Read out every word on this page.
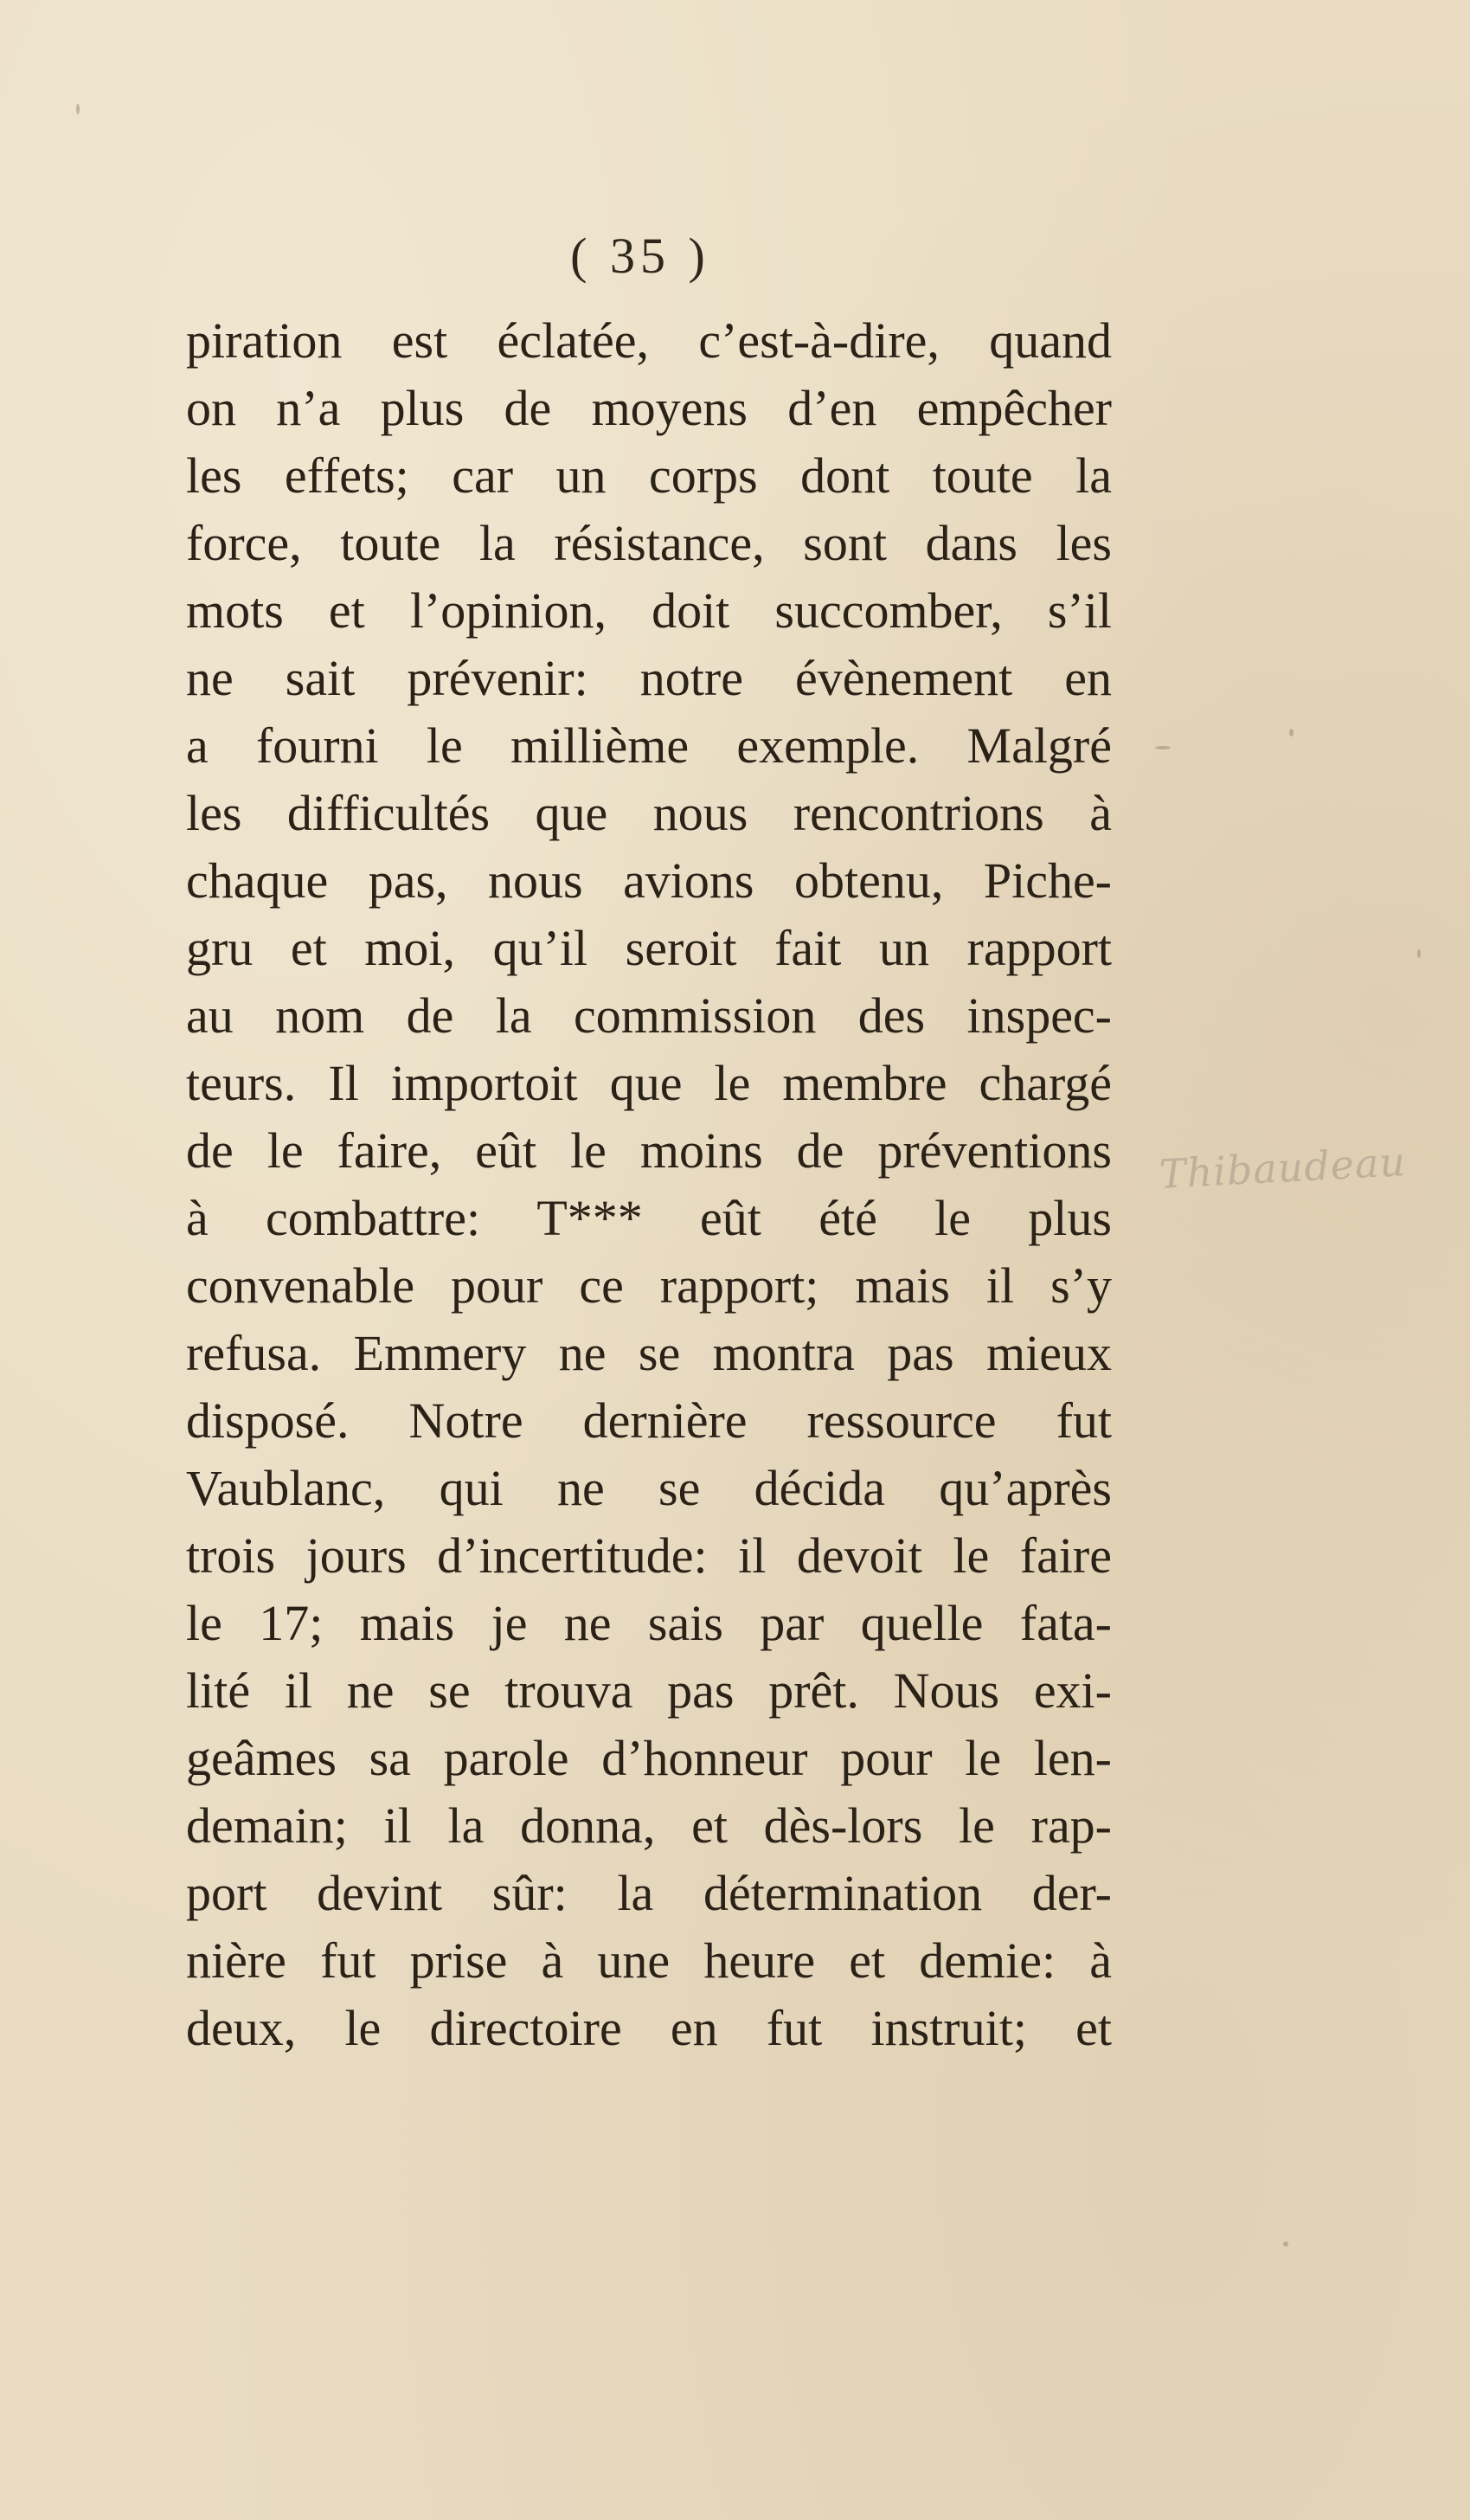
( 35 )
piration est éclatée, c’est-à-dire, quand
on n’a plus de moyens d’en empêcher
les effets; car un corps dont toute la
force, toute la résistance, sont dans les
mots et l’opinion, doit succomber, s’il
ne sait prévenir: notre évènement en
a fourni le millième exemple. Malgré
les difficultés que nous rencontrions à
chaque pas, nous avions obtenu, Piche-
gru et moi, qu’il seroit fait un rapport
au nom de la commission des inspec-
teurs. Il importoit que le membre chargé
de le faire, eût le moins de préventions
à combattre: T*** eût été le plus
convenable pour ce rapport; mais il s’y
refusa. Emmery ne se montra pas mieux
disposé. Notre dernière ressource fut
Vaublanc, qui ne se décida qu’après
trois jours d’incertitude: il devoit le faire
le 17; mais je ne sais par quelle fata-
lité il ne se trouva pas prêt. Nous exi-
geâmes sa parole d’honneur pour le len-
demain; il la donna, et dès-lors le rap-
port devint sûr: la détermination der-
nière fut prise à une heure et demie: à
deux, le directoire en fut instruit; et
Thibaudeau
